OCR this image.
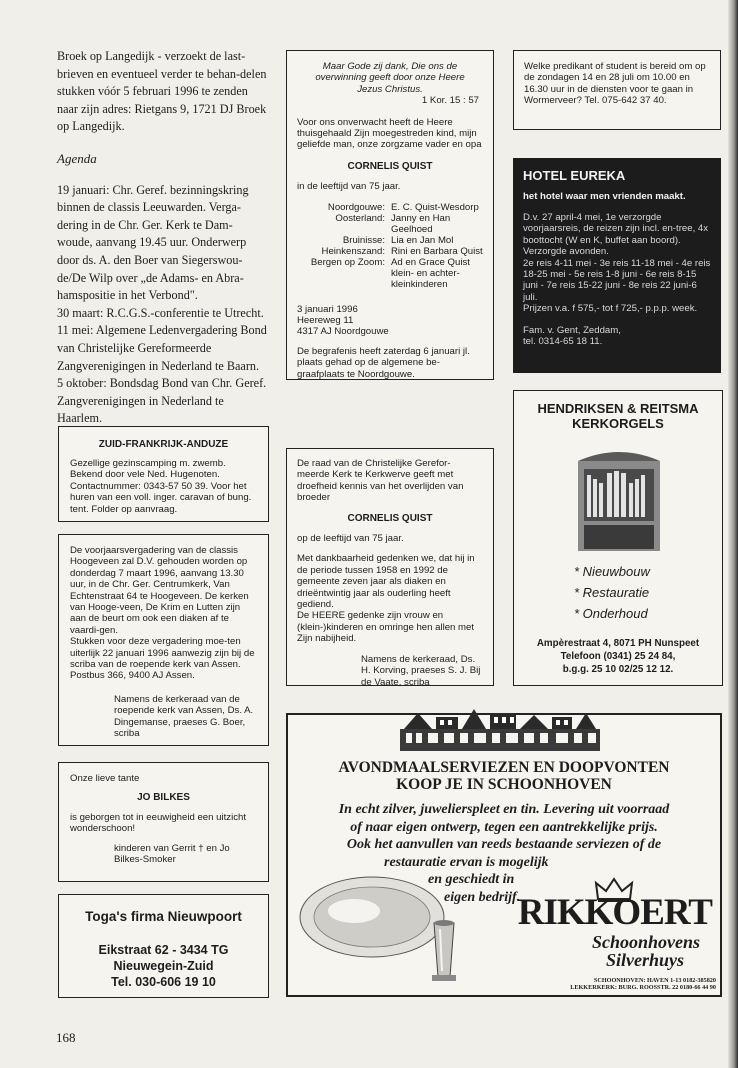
Broek op Langedijk - verzoekt de last-brieven en eventueel verder te behan-delen stukken vóór 5 februari 1996 te zenden naar zijn adres: Rietgans 9, 1721 DJ Broek op Langedijk.

Agenda

19 januari: Chr. Geref. bezinningskring binnen de classis Leeuwarden. Verga-dering in de Chr. Ger. Kerk te Dam-woude, aanvang 19.45 uur. Onderwerp door ds. A. den Boer van Siegerswou-de/De Wilp over „de Adams- en Abra-hamspositie in het Verbond".

30 maart: R.C.G.S.-conferentie te Utrecht.

11 mei: Algemene Ledenvergadering Bond van Christelijke Gereformeerde Zangverenigingen in Nederland te Baarn.

5 oktober: Bondsdag Bond van Chr. Geref. Zangverenigingen in Nederland te Haarlem.

ZUID-FRANKRIJK-ANDUZE

Gezellige gezinscamping m. zwemb. Bekend door vele Ned. Hugenoten. Contactnummer: 0343-57 50 39. Voor het huren van een voll. inger. caravan of bung. tent. Folder op aanvraag.

De voorjaarsvergadering van de classis Hoogeveen zal D.V. gehouden worden op donderdag 7 maart 1996, aanvang 13.30 uur, in de Chr. Ger. Centrumkerk, Van Echtenstraat 64 te Hoogeveen. De kerken van Hooge-veen, De Krim en Lutten zijn aan de beurt om ook een diaken af te vaardi-gen.

Stukken voor deze vergadering moe-ten uiterlijk 22 januari 1996 aanwezig zijn bij de scriba van de roepende kerk van Assen.

Postbus 366, 9400 AJ Assen.

Namens de kerkeraad van de roepende kerk van Assen, Ds. A. Dingemanse, praeses G. Boer, scriba

Onze lieve tante

JO BILKES

is geborgen tot in eeuwigheid een uitzicht wonderschoon!

kinderen van Gerrit † en Jo Bilkes-Smoker

Toga's firma Nieuwpoort

Eikstraat 62 - 3434 TG

Nieuwegein-Zuid

Tel. 030-606 19 10

168

Maar Gode zij dank, Die ons de overwinning geeft door onze Heere Jezus Christus.

1 Kor. 15 : 57

Voor ons onverwacht heeft de Heere thuisgehaald Zijn moegestreden kind, mijn geliefde man, onze zorgzame vader en opa

CORNELIS QUIST

in de leeftijd van 75 jaar.

Noordgouwe: E. C. Quist-Wesdorp
Oosterland: Janny en Han Geelhoed
Bruinisse: Lia en Jan Mol
Heinkenszand: Rini en Barbara Quist
Bergen op Zoom: Ad en Grace Quist klein- en achter-kleinkinderen

3 januari 1996

Heereweg 11

4317 AJ Noordgouwe

De begrafenis heeft zaterdag 6 januari jl. plaats gehad op de algemene be-graafplaats te Noordgouwe.

De raad van de Christelijke Gerefor-meerde Kerk te Kerkwerve geeft met droefheid kennis van het overlijden van broeder

CORNELIS QUIST

op de leeftijd van 75 jaar.

Met dankbaarheid gedenken we, dat hij in de periode tussen 1958 en 1992 de gemeente zeven jaar als diaken en drieëntwintig jaar als ouderling heeft gediend.

De HEERE gedenke zijn vrouw en (klein-)kinderen en omringe hen allen met Zijn nabijheid.

Namens de kerkeraad, Ds. H. Korving, praeses S. J. Bij de Vaate, scriba

Welke predikant of student is bereid om op de zondagen 14 en 28 juli om 10.00 en 16.30 uur in de diensten voor te gaan in Wormerveer? Tel. 075-642 37 40.

HOTEL EUREKA

het hotel waar men vrienden maakt.

D.v. 27 april-4 mei, 1e verzorgde voorjaarsreis, de reizen zijn incl. en-tree, 4x boottocht (W en K, buffet aan boord). Verzorgde avonden.

2e reis 4-11 mei - 3e reis 11-18 mei - 4e reis 18-25 mei - 5e reis 1-8 juni - 6e reis 8-15 juni - 7e reis 15-22 juni - 8e reis 22 juni-6 juli.

Prijzen v.a. f 575,- tot f 725,- p.p.p. week.

Fam. v. Gent, Zeddam,

tel. 0314-65 18 11.

HENDRIKSEN & REITSMA

KERKORGELS

* Nieuwbouw

* Restauratie

* Onderhoud

Ampèrestraat 4, 8071 PH Nunspeet

Telefoon (0341) 25 24 84,

b.g.g. 25 10 02/25 12 12.

AVONDMAALSERVIEZEN EN DOOPVONTEN

KOOP JE IN SCHOONHOVEN

In echt zilver, juwelierspleet en tin. Levering uit voorraad

of naar eigen ontwerp, tegen een aantrekkelijke prijs.

Ook het aanvullen van reeds bestaande serviezen of de

restauratie ervan is mogelijk

en geschiedt in

eigen bedrijf.

RIKKOERT

Schoonhovens

Silverhuys

SCHOONHOVEN: HAVEN 1-13 0182-385820

LEKKERKERK: BURG. ROOSSTR. 22 0180-66 44 90
